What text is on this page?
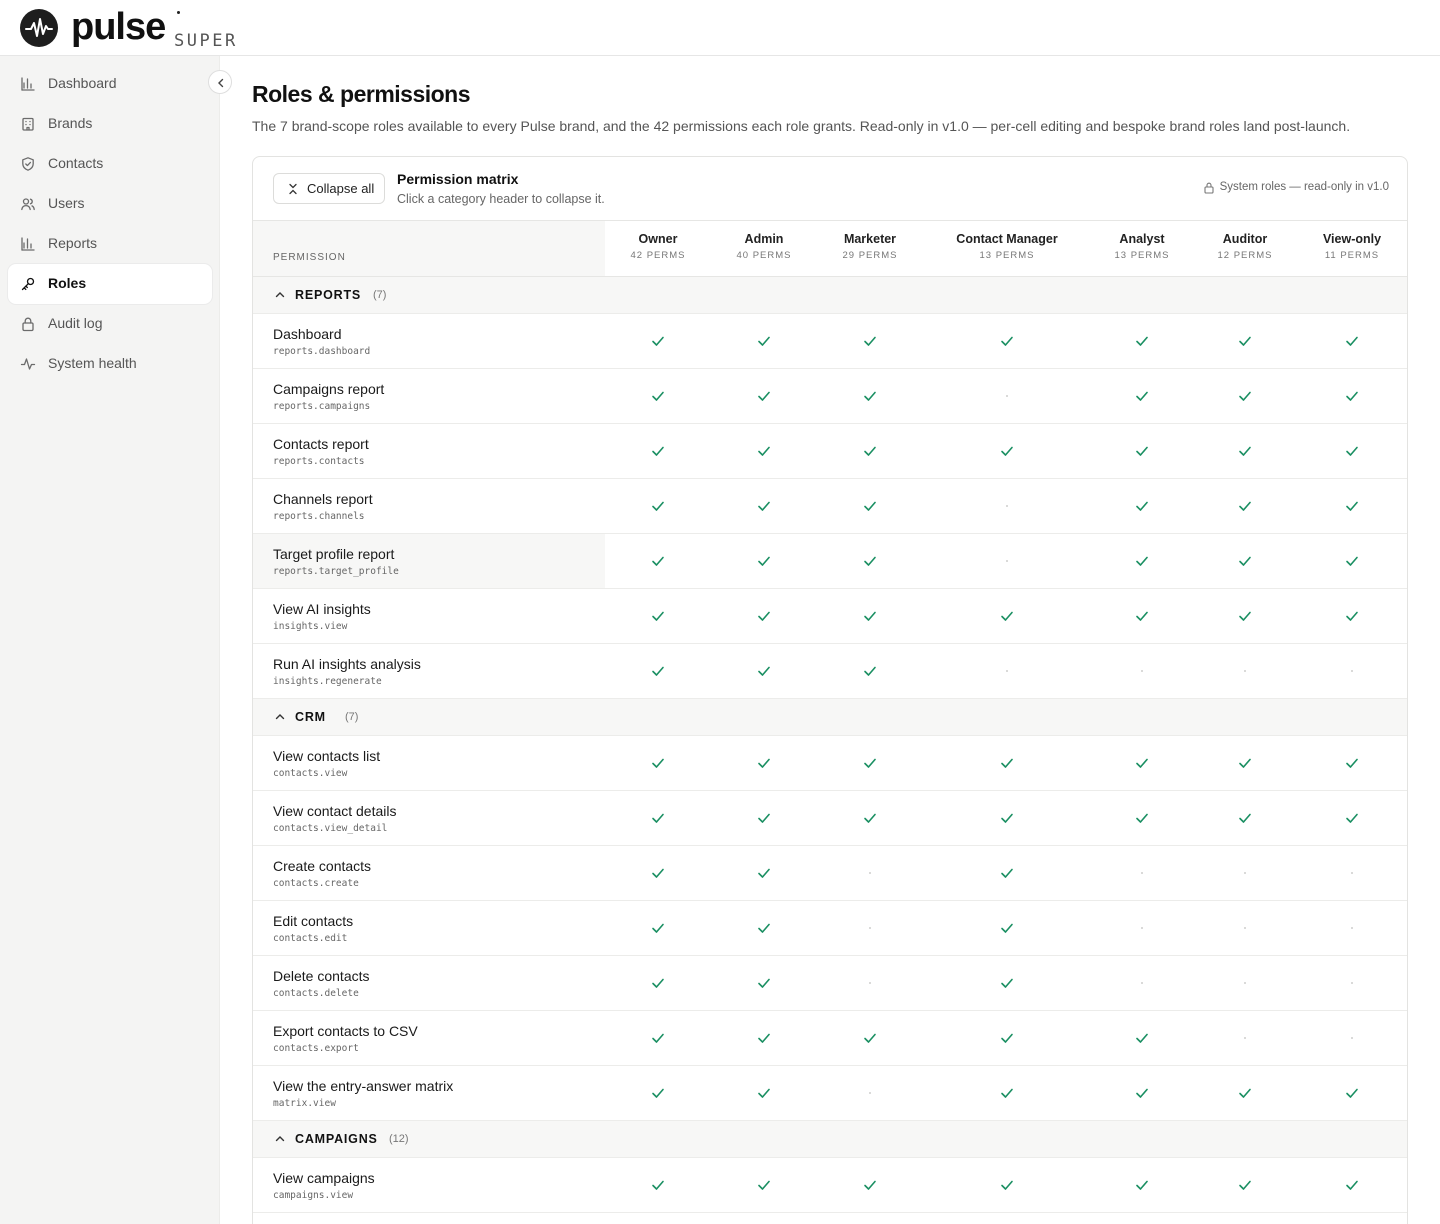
pulse SUPER
Dashboard
Brands
Contacts
Users
Reports
Roles
Audit log
System health
Roles & permissions

The 7 brand-scope roles available to every Pulse brand, and the 42 permissions each role grants. Read-only in v1.0 — per-cell editing and bespoke brand roles land post-launch.

Collapse all
Permission matrix
Click a category header to collapse it.
System roles — read-only in v1.0
PERMISSION
Owner
42 PERMS
Admin
40 PERMS
Marketer
29 PERMS
Contact Manager
13 PERMS
Analyst
13 PERMS
Auditor
12 PERMS
View-only
11 PERMS
REPORTS (7)
Dashboard
reports.dashboard
Campaigns report
reports.campaigns
Contacts report
reports.contacts
Channels report
reports.channels
Target profile report
reports.target_profile
View AI insights
insights.view
Run AI insights analysis
insights.regenerate
CRM (7)
View contacts list
contacts.view
View contact details
contacts.view_detail
Create contacts
contacts.create
Edit contacts
contacts.edit
Delete contacts
contacts.delete
Export contacts to CSV
contacts.export
View the entry-answer matrix
matrix.view
CAMPAIGNS (12)
View campaigns
campaigns.view
